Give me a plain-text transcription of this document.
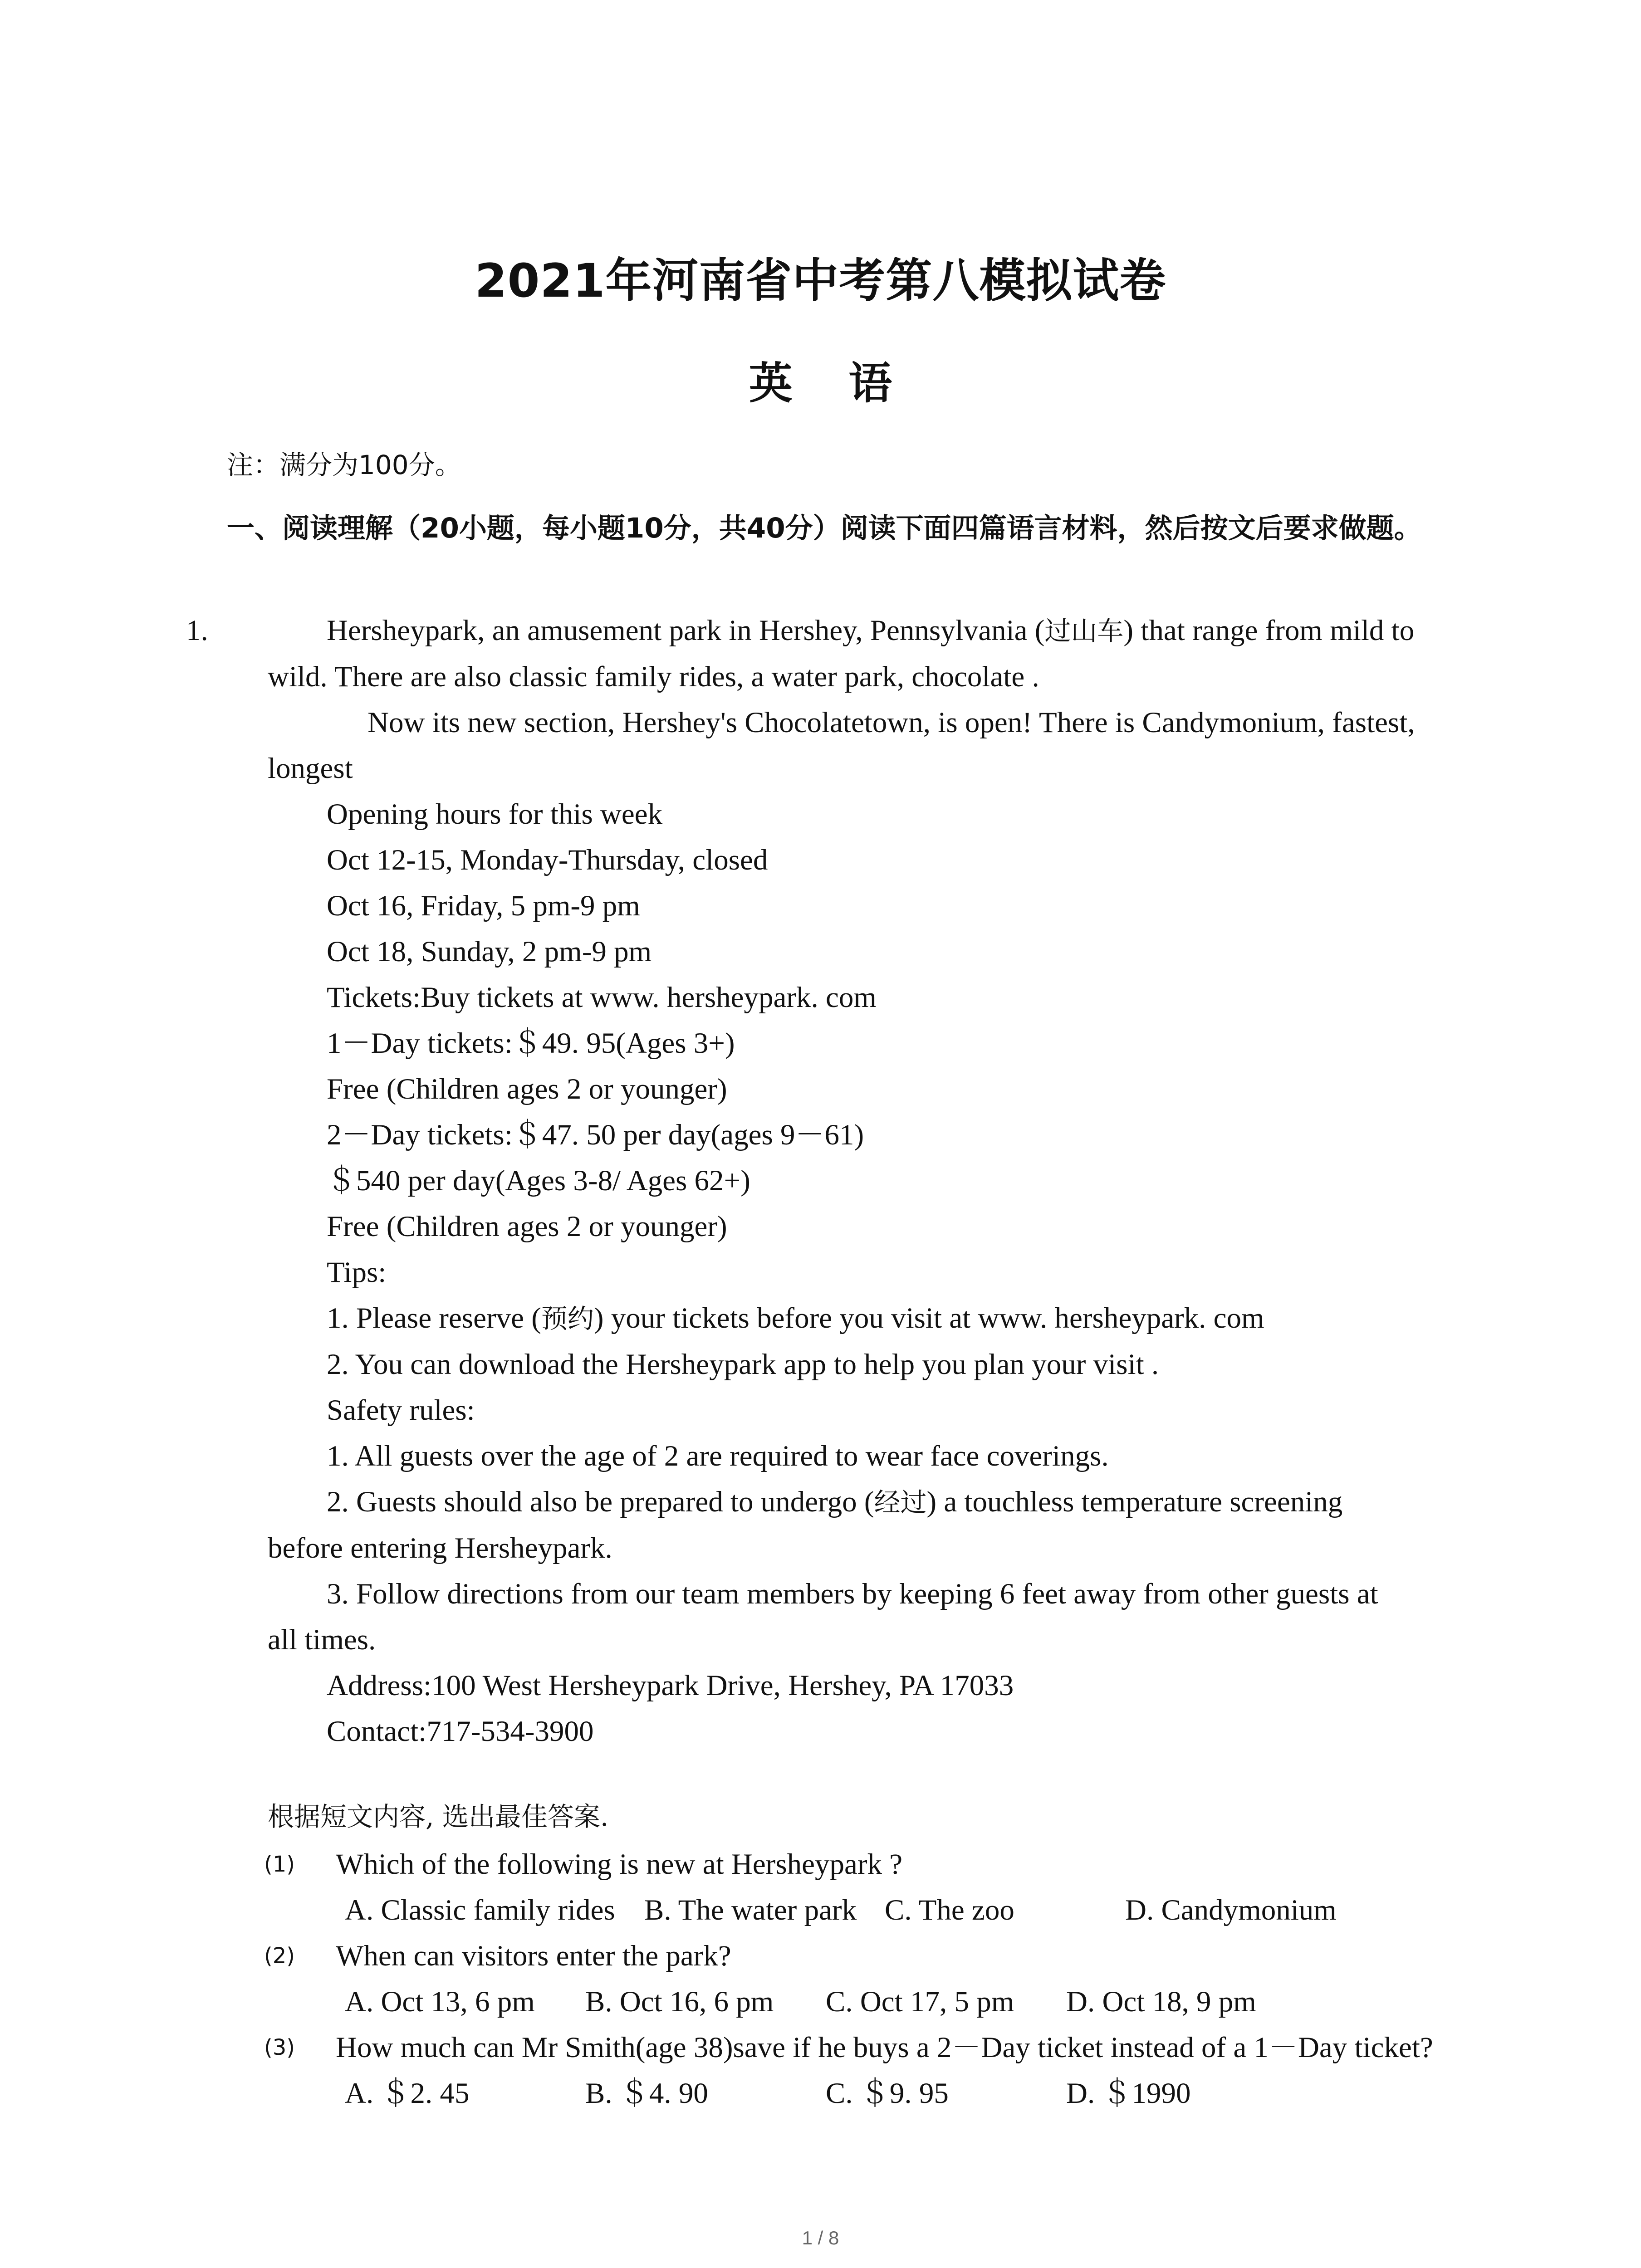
2021年河南省中考第八模拟试卷
英 语
注：满分为100分。
一、阅读理解（20小题，每小题10分，共40分）阅读下面四篇语言材料，然后按文后要求做题。

1.	Hersheypark, an amusement park in Hershey, Pennsylvania (过山车) that range from mild to wild. There are also classic family rides, a water park, chocolate .

Now its new section, Hershey's Chocolatetown, is open! There is Candymonium, fastest, longest

Opening hours for this week

Oct 12-15, Monday-Thursday, closed

Oct 16, Friday, 5 pm-9 pm

Oct 18, Sunday, 2 pm-9 pm

Tickets:Buy tickets at www. hersheypark. com

1－Day tickets:＄49. 95(Ages 3+)

Free (Children ages 2 or younger)

2－Day tickets:＄47. 50 per day(ages 9－61)

＄540 per day(Ages 3-8/ Ages 62+)

Free (Children ages 2 or younger)

Tips:

1. Please reserve (预约) your tickets before you visit at www. hersheypark. com

2. You can download the Hersheypark app to help you plan your visit .

Safety rules:

1. All guests over the age of 2 are required to wear face coverings.

2. Guests should also be prepared to undergo (经过) a touchless temperature screening

before entering Hersheypark.

3. Follow directions from our team members by keeping 6 feet away from other guests at

all times.

Address:100 West Hersheypark Drive, Hershey, PA 17033

Contact:717-534-3900

根据短文内容, 选出最佳答案.
(1) Which of the following is new at Hersheypark ?
A. Classic family rides B. The water park C. The zoo	D. Candymonium
(2) When can visitors enter the park?
A. Oct 13, 6 pm	B. Oct 16, 6 pm	C. Oct 17, 5 pm	D. Oct 18, 9 pm
(3) How much can Mr Smith(age 38)save if he buys a 2－Day ticket instead of a 1－Day ticket?
A. ＄2. 45	B. ＄4. 90	C. ＄9. 95	D. ＄1990
1 / 8
